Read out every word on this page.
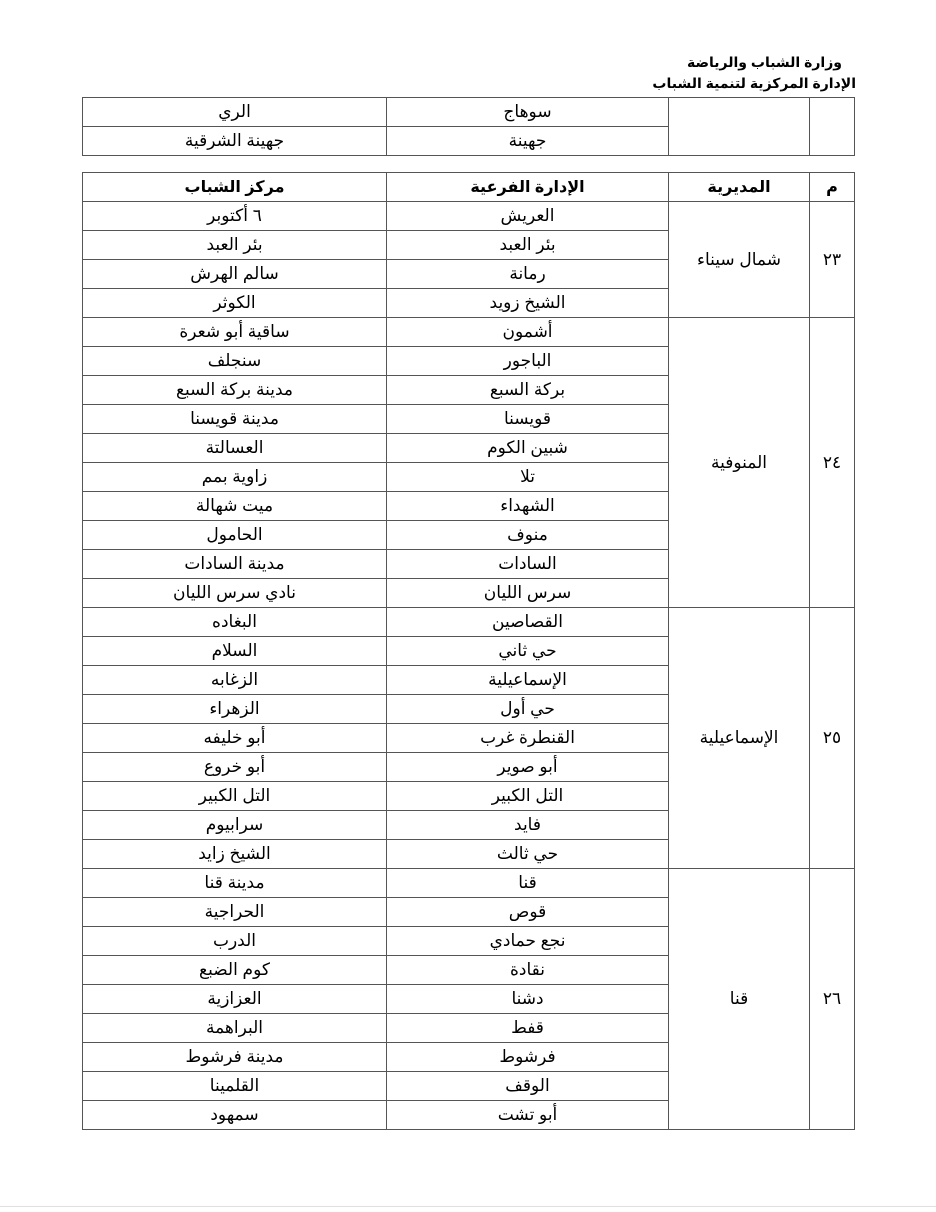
وزارة الشباب والرياضة
الإدارة المركزية لتنمية الشباب
الري	سوهاج		
جهينة الشرقية	جهينة		
مركز الشباب	الإدارة الفرعية	المديرية	م
٦ أكتوبر	العريش	شمال سيناء	٢٣
بئر العبد	بئر العبد		
سالم الهرش	رمانة		
الكوثر	الشيخ زويد		
ساقية أبو شعرة	أشمون	المنوفية	٢٤
سنجلف	الباجور		
مدينة بركة السبع	بركة السبع		
مدينة قويسنا	قويسنا		
العسالتة	شبين الكوم		
زاوية بمم	تلا		
ميت شهالة	الشهداء		
الحامول	منوف		
مدينة السادات	السادات		
نادي سرس الليان	سرس الليان		
البغاده	القصاصين	الإسماعيلية	٢٥
السلام	حي ثاني		
الزغابه	الإسماعيلية		
الزهراء	حي أول		
أبو خليفه	القنطرة غرب		
أبو خروع	أبو صوير		
التل الكبير	التل الكبير		
سرابيوم	فايد		
الشيخ زايد	حي ثالث		
مدينة قنا	قنا	قنا	٢٦
الحراجية	قوص		
الدرب	نجع حمادي		
كوم الضبع	نقادة		
العزازية	دشنا		
البراهمة	قفط		
مدينة فرشوط	فرشوط		
القلمينا	الوقف		
سمهود	أبو تشت		
